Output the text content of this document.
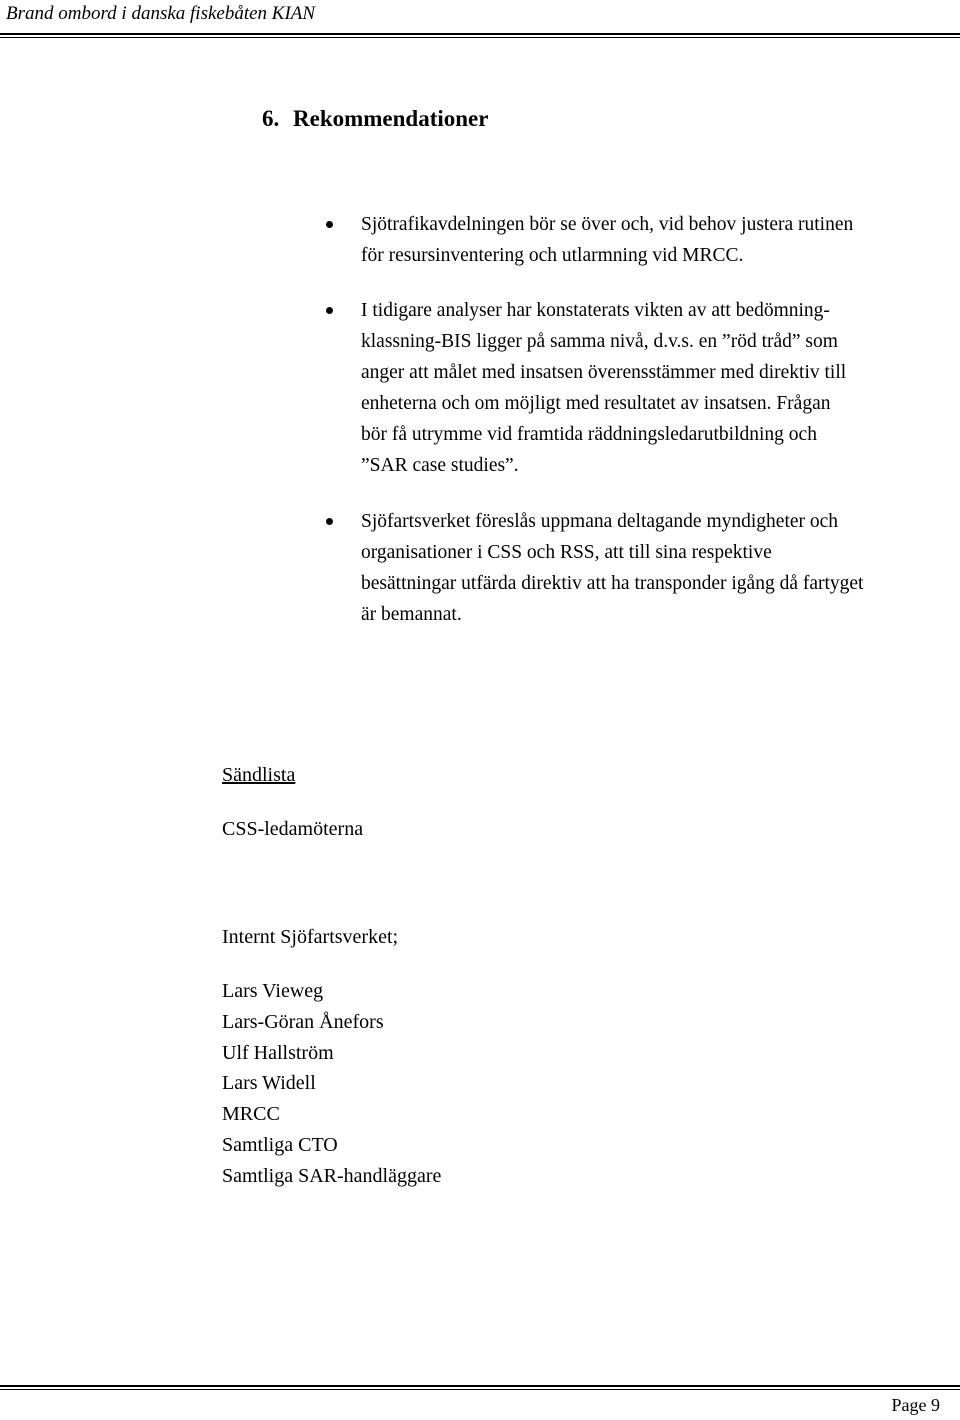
Brand ombord i danska fiskebåten KIAN
6. Rekommendationer
Sjötrafikavdelningen bör se över och, vid behov justera rutinen
för resursinventering och utlarmning vid MRCC.
I tidigare analyser har konstaterats vikten av att bedömning-
klassning-BIS ligger på samma nivå, d.v.s. en ”röd tråd” som
anger att målet med insatsen överensstämmer med direktiv till
enheterna och om möjligt med resultatet av insatsen. Frågan
bör få utrymme vid framtida räddningsledarutbildning och
”SAR case studies”.
Sjöfartsverket föreslås uppmana deltagande myndigheter och
organisationer i CSS och RSS, att till sina respektive
besättningar utfärda direktiv att ha transponder igång då fartyget
är bemannat.

Sändlista

CSS-ledamöterna

Internt Sjöfartsverket;

Lars Vieweg
Lars-Göran Ånefors
Ulf Hallström
Lars Widell
MRCC
Samtliga CTO
Samtliga SAR-handläggare
Page 9
